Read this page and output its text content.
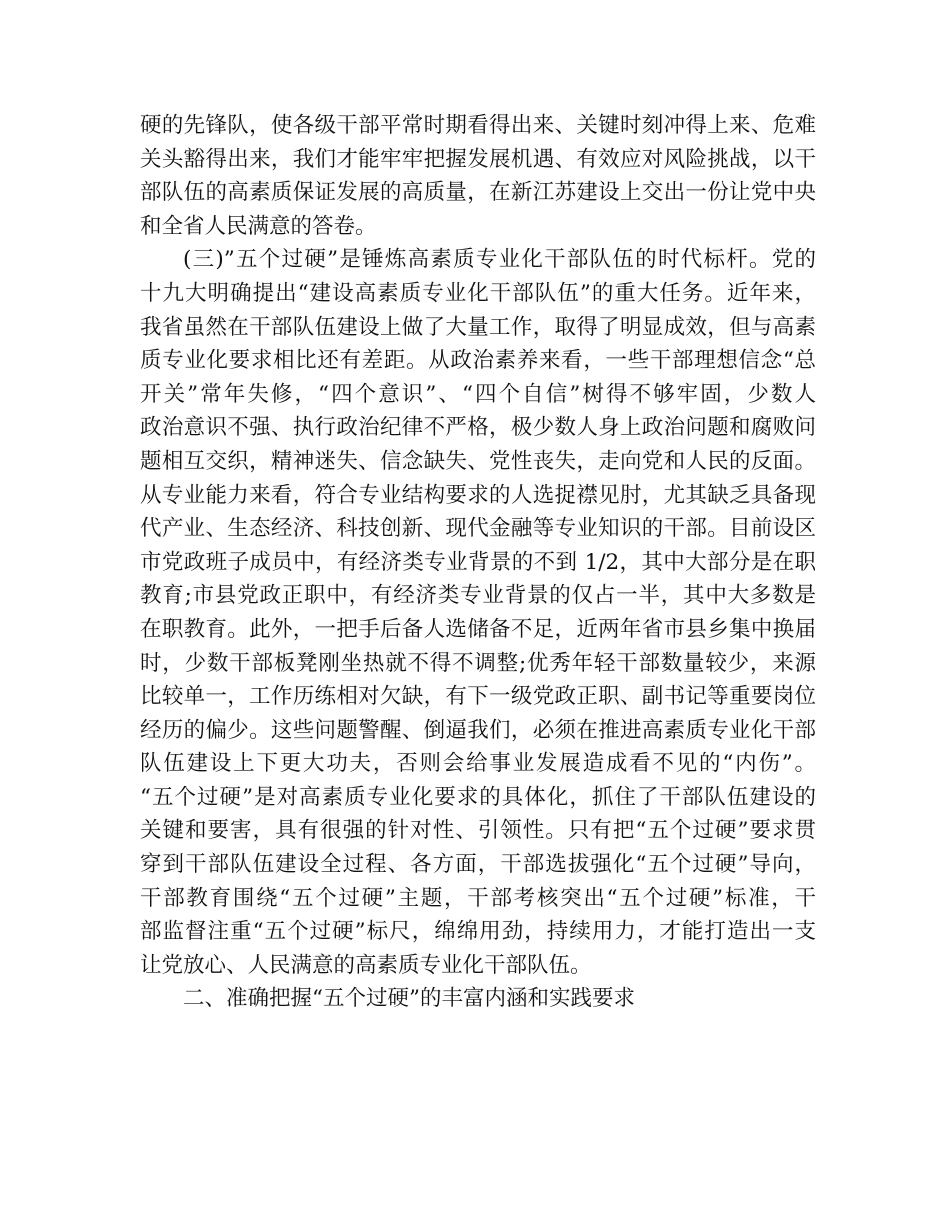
硬的先锋队，使各级干部平常时期看得出来、关键时刻冲得上来、危难
关头豁得出来，我们才能牢牢把握发展机遇、有效应对风险挑战，以干
部队伍的高素质保证发展的高质量，在新江苏建设上交出一份让党中央
和全省人民满意的答卷。
(三)”五个过硬”是锤炼高素质专业化干部队伍的时代标杆。党的
十九大明确提出“建设高素质专业化干部队伍”的重大任务。近年来，
我省虽然在干部队伍建设上做了大量工作，取得了明显成效，但与高素
质专业化要求相比还有差距。从政治素养来看，一些干部理想信念“总
开关”常年失修，“四个意识”、“四个自信”树得不够牢固，少数人
政治意识不强、执行政治纪律不严格，极少数人身上政治问题和腐败问
题相互交织，精神迷失、信念缺失、党性丧失，走向党和人民的反面。
从专业能力来看，符合专业结构要求的人选捉襟见肘，尤其缺乏具备现
代产业、生态经济、科技创新、现代金融等专业知识的干部。目前设区
市党政班子成员中，有经济类专业背景的不到 1/2，其中大部分是在职
教育;市县党政正职中，有经济类专业背景的仅占一半，其中大多数是
在职教育。此外，一把手后备人选储备不足，近两年省市县乡集中换届
时，少数干部板凳刚坐热就不得不调整;优秀年轻干部数量较少，来源
比较单一，工作历练相对欠缺，有下一级党政正职、副书记等重要岗位
经历的偏少。这些问题警醒、倒逼我们，必须在推进高素质专业化干部
队伍建设上下更大功夫，否则会给事业发展造成看不见的“内伤”。
“五个过硬”是对高素质专业化要求的具体化，抓住了干部队伍建设的
关键和要害，具有很强的针对性、引领性。只有把“五个过硬”要求贯
穿到干部队伍建设全过程、各方面，干部选拔强化“五个过硬”导向，
干部教育围绕“五个过硬”主题，干部考核突出“五个过硬”标准，干
部监督注重“五个过硬”标尺，绵绵用劲，持续用力，才能打造出一支
让党放心、人民满意的高素质专业化干部队伍。
二、准确把握“五个过硬”的丰富内涵和实践要求
